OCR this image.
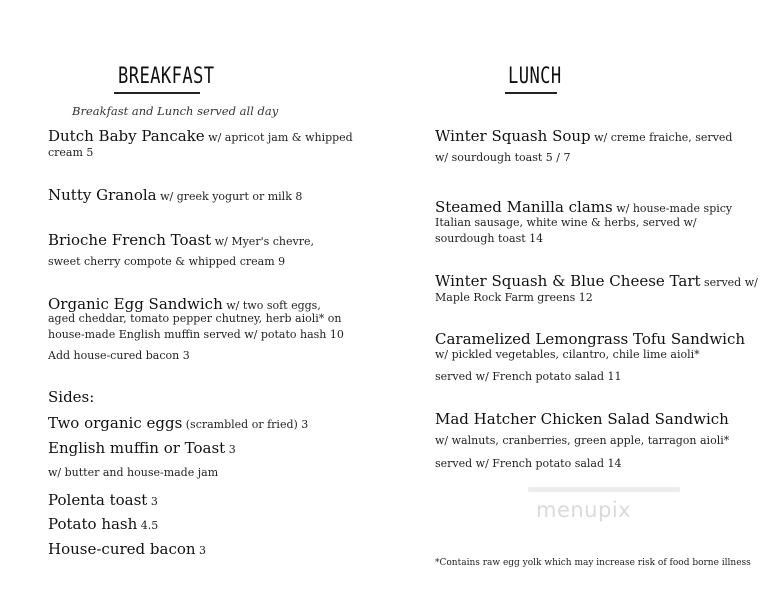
BREAKFAST
Breakfast and Lunch served all day
Dutch Baby Pancake w/ apricot jam & whipped
cream 5
Nutty Granola w/ greek yogurt or milk 8
Brioche French Toast w/ Myer's chevre,
sweet cherry compote & whipped cream 9
Organic Egg Sandwich w/ two soft eggs,
aged cheddar, tomato pepper chutney, herb aioli* on
house-made English muffin served w/ potato hash 10
Add house-cured bacon 3
Sides:
Two organic eggs (scrambled or fried) 3
English muffin or Toast 3
w/ butter and house-made jam
Polenta toast 3
Potato hash 4.5
House-cured bacon 3
LUNCH
Winter Squash Soup w/ creme fraiche, served
w/ sourdough toast 5 / 7
Steamed Manilla clams w/ house-made spicy
Italian sausage, white wine & herbs, served w/
sourdough toast 14
Winter Squash & Blue Cheese Tart served w/
Maple Rock Farm greens 12
Caramelized Lemongrass Tofu Sandwich
w/ pickled vegetables, cilantro, chile lime aioli*
served w/ French potato salad 11
Mad Hatcher Chicken Salad Sandwich
w/ walnuts, cranberries, green apple, tarragon aioli*
served w/ French potato salad 14
menupix
*Contains raw egg yolk which may increase risk of food borne illness
